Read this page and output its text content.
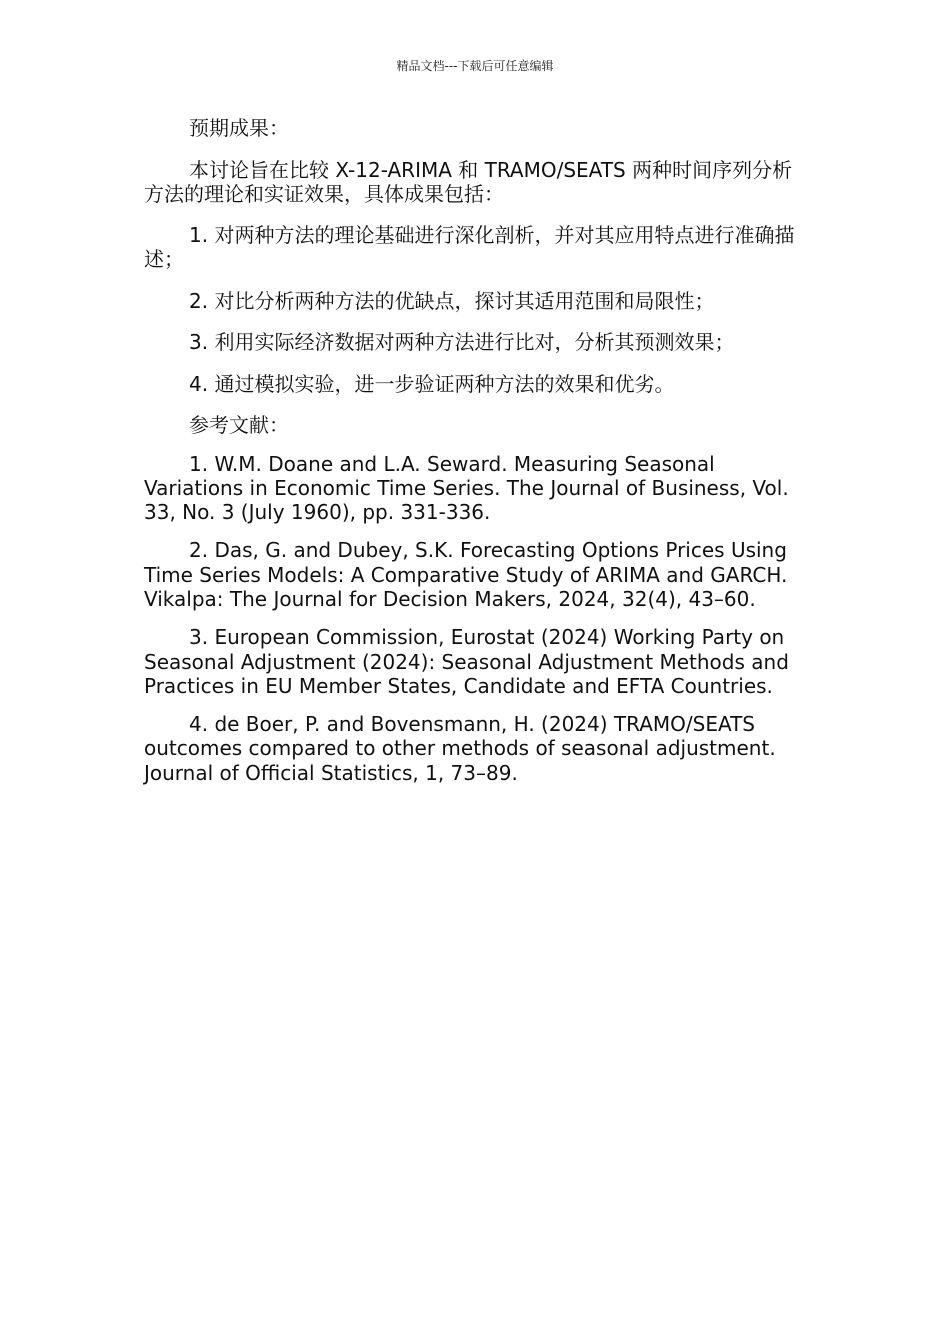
精品文档---下载后可任意编辑

预期成果：

本讨论旨在比较 X-12-ARIMA 和 TRAMO/SEATS 两种时间序列分析方法的理论和实证效果，具体成果包括：

1. 对两种方法的理论基础进行深化剖析，并对其应用特点进行准确描述；

2. 对比分析两种方法的优缺点，探讨其适用范围和局限性；

3. 利用实际经济数据对两种方法进行比对，分析其预测效果；

4. 通过模拟实验，进一步验证两种方法的效果和优劣。

参考文献：

1. W.M. Doane and L.A. Seward. Measuring Seasonal Variations in Economic Time Series. The Journal of Business, Vol. 33, No. 3 (July 1960), pp. 331-336.

2. Das, G. and Dubey, S.K. Forecasting Options Prices Using Time Series Models: A Comparative Study of ARIMA and GARCH. Vikalpa: The Journal for Decision Makers, 2024, 32(4), 43–60.

3. European Commission, Eurostat (2024) Working Party on Seasonal Adjustment (2024): Seasonal Adjustment Methods and Practices in EU Member States, Candidate and EFTA Countries.

4. de Boer, P. and Bovensmann, H. (2024) TRAMO/SEATS outcomes compared to other methods of seasonal adjustment. Journal of Official Statistics, 1, 73–89.
